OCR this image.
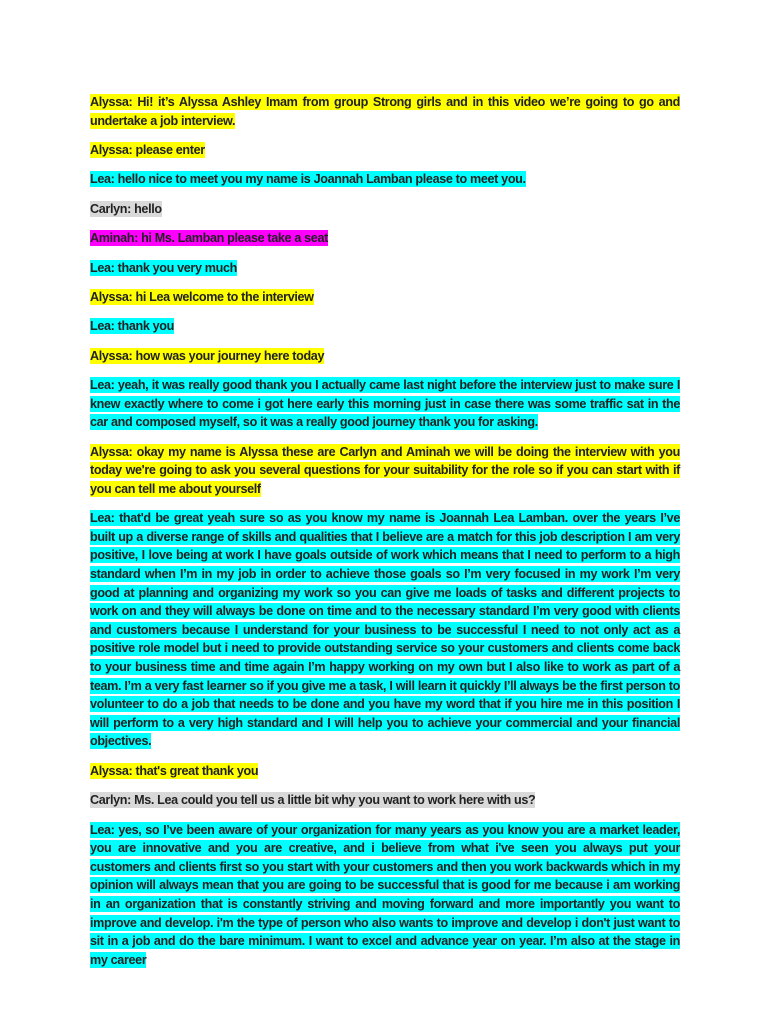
Alyssa: Hi! it’s Alyssa Ashley Imam from group Strong girls and in this video we’re going to go and undertake a job interview.

Alyssa: please enter

Lea: hello nice to meet you my name is Joannah Lamban please to meet you.

Carlyn: hello

Aminah: hi Ms. Lamban please take a seat

Lea: thank you very much

Alyssa: hi Lea welcome to the interview

Lea: thank you

Alyssa: how was your journey here today

Lea: yeah, it was really good thank you I actually came last night before the interview just to make sure I knew exactly where to come i got here early this morning just in case there was some traffic sat in the car and composed myself, so it was a really good journey thank you for asking.

Alyssa: okay my name is Alyssa these are Carlyn and Aminah we will be doing the interview with you today we're going to ask you several questions for your suitability for the role so if you can start with if you can tell me about yourself

Lea: that'd be great yeah sure so as you know my name is Joannah Lea Lamban. over the years I’ve built up a diverse range of skills and qualities that I believe are a match for this job description I am very positive, I love being at work I have goals outside of work which means that I need to perform to a high standard when I’m in my job in order to achieve those goals so I’m very focused in my work I’m very good at planning and organizing my work so you can give me loads of tasks and different projects to work on and they will always be done on time and to the necessary standard I’m very good with clients and customers because I understand for your business to be successful I need to not only act as a positive role model but i need to provide outstanding service so your customers and clients come back to your business time and time again I’m happy working on my own but I also like to work as part of a team. I’m a very fast learner so if you give me a task, I will learn it quickly I’ll always be the first person to volunteer to do a job that needs to be done and you have my word that if you hire me in this position I will perform to a very high standard and I will help you to achieve your commercial and your financial objectives.

Alyssa: that's great thank you

Carlyn: Ms. Lea could you tell us a little bit why you want to work here with us?

Lea: yes, so I’ve been aware of your organization for many years as you know you are a market leader, you are innovative and you are creative, and i believe from what i've seen you always put your customers and clients first so you start with your customers and then you work backwards which in my opinion will always mean that you are going to be successful that is good for me because i am working in an organization that is constantly striving and moving forward and more importantly you want to improve and develop. i'm the type of person who also wants to improve and develop i don't just want to sit in a job and do the bare minimum. I want to excel and advance year on year. I’m also at the stage in my career
